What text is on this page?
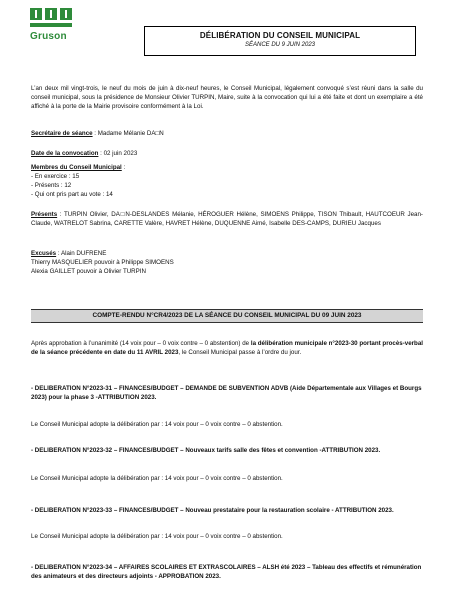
Gruson	DÉLIBÉRATION DU CONSEIL MUNICIPAL
SÉANCE DU 9 JUIN 2023
L’an deux mil vingt-trois, le neuf du mois de juin à dix-neuf heures, le Conseil Municipal, légalement convoqué s’est réuni dans la salle du conseil municipal, sous la présidence de Monsieur Olivier TURPIN, Maire, suite à la convocation qui lui a été faite et dont un exemplaire a été affiché à la porte de la Mairie provisoire conformément à la Loi.
Secrétaire de séance : Madame Mélanie DA□N
Date de la convocation : 02 juin 2023
Membres du Conseil Municipal :
- En exercice : 15
- Présents : 12
- Qui ont pris part au vote : 14
Présents : TURPIN Olivier, DA□N-DESLANDES Mélanie, HÉROGUER Hélène, SIMOENS Philippe, TISON Thibault, HAUTCOEUR Jean-Claude, WATRELOT Sabrina, CARETTE Valère, HAVRET Hélène, DUQUENNE Aimé, Isabelle DES-CAMPS, DURIEU Jacques
Excusés : Alain DUFRENE
Thierry MASQUELIER pouvoir à Philippe SIMOENS
Alexia GAILLET pouvoir à Olivier TURPIN
COMPTE-RENDU N°CR4/2023 DE LA SÉANCE DU CONSEIL MUNICIPAL DU 09 JUIN 2023
Après approbation à l’unanimité (14 voix pour – 0 voix contre – 0 abstention) de la délibération municipale n°2023-30 portant procès-verbal de la séance précédente en date du 11 AVRIL 2023, le Conseil Municipal passe à l’ordre du jour.
- DELIBERATION N°2023-31 – FINANCES/BUDGET – DEMANDE DE SUBVENTION ADVB (Aide Départementale aux Villages et Bourgs 2023) pour la phase 3 -ATTRIBUTION 2023.
Le Conseil Municipal adopte la délibération par : 14 voix pour – 0 voix contre – 0 abstention.
- DELIBERATION N°2023-32 – FINANCES/BUDGET – Nouveaux tarifs salle des fêtes et convention -ATTRIBUTION 2023.
Le Conseil Municipal adopte la délibération par : 14 voix pour – 0 voix contre – 0 abstention.
- DELIBERATION N°2023-33 – FINANCES/BUDGET – Nouveau prestataire pour la restauration scolaire - ATTRIBUTION 2023.
Le Conseil Municipal adopte la délibération par : 14 voix pour – 0 voix contre – 0 abstention.
- DELIBERATION N°2023-34 – AFFAIRES SCOLAIRES ET EXTRASCOLAIRES – ALSH été 2023 – Tableau des effectifs et rémunération des animateurs et des directeurs adjoints - APPROBATION 2023.
